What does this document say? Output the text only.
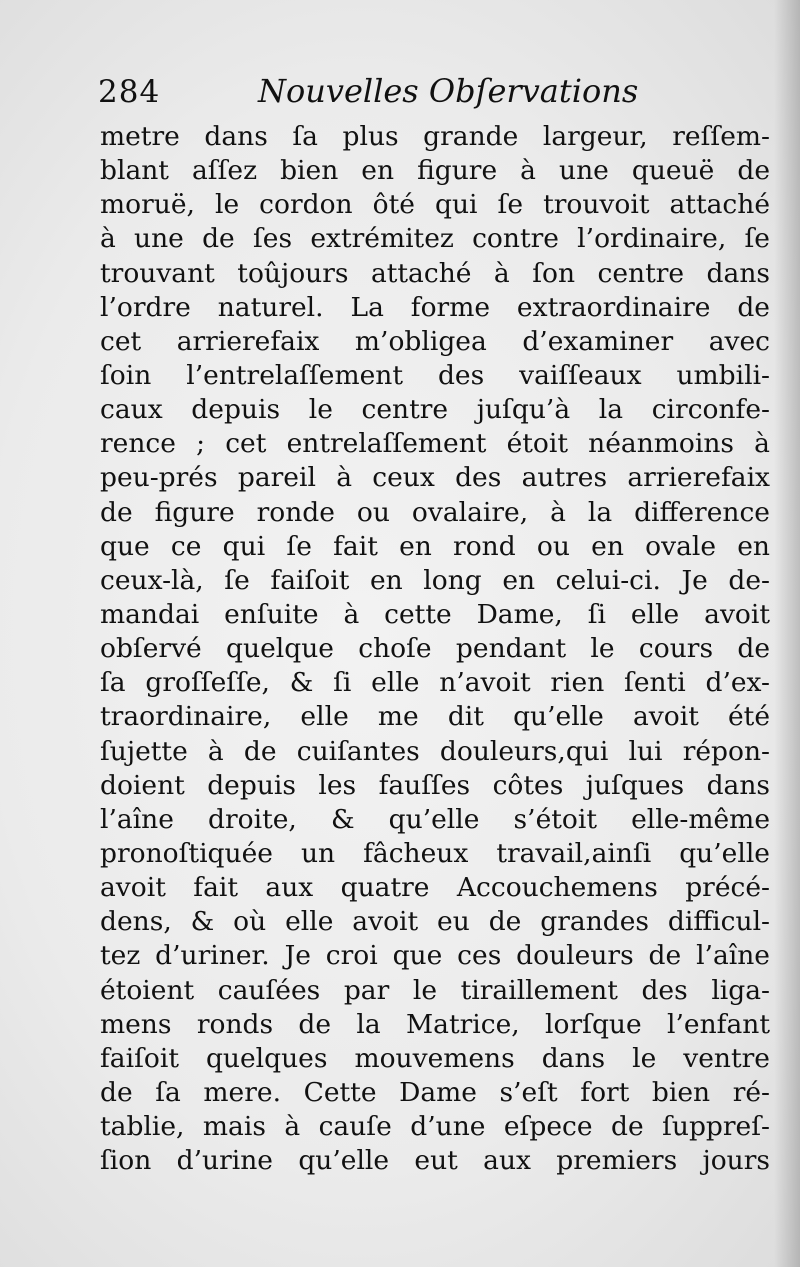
284	Nouvelles Obſervations
metre dans ſa plus grande largeur, reſſem-
blant aſſez bien en figure à une queuë de
moruë, le cordon ôté qui ſe trouvoit attaché
à une de ſes extrémitez contre l’ordinaire, ſe
trouvant toûjours attaché à ſon centre dans
l’ordre naturel. La forme extraordinaire de
cet arrierefaix m’obligea d’examiner avec
ſoin l’entrelaſſement des vaiſſeaux umbili-
caux depuis le centre juſqu’à la circonfe-
rence ; cet entrelaſſement étoit néanmoins à
peu-prés pareil à ceux des autres arrierefaix
de figure ronde ou ovalaire, à la difference
que ce qui ſe fait en rond ou en ovale en
ceux-là, ſe faiſoit en long en celui-ci. Je de-
mandai enſuite à cette Dame, ſi elle avoit
obſervé quelque choſe pendant le cours de
ſa groſſeſſe, & ſi elle n’avoit rien ſenti d’ex-
traordinaire, elle me dit qu’elle avoit été
ſujette à de cuiſantes douleurs,qui lui répon-
doient depuis les fauſſes côtes juſques dans
l’aîne droite, & qu’elle s’étoit elle-même
pronoſtiquée un fâcheux travail,ainſi qu’elle
avoit fait aux quatre Accouchemens précé-
dens, & où elle avoit eu de grandes difficul-
tez d’uriner. Je croi que ces douleurs de l’aîne
étoient cauſées par le tiraillement des liga-
mens ronds de la Matrice, lorſque l’enfant
faiſoit quelques mouvemens dans le ventre
de ſa mere. Cette Dame s’eſt fort bien ré-
tablie, mais à cauſe d’une eſpece de ſuppreſ-
ſion d’urine qu’elle eut aux premiers jours
